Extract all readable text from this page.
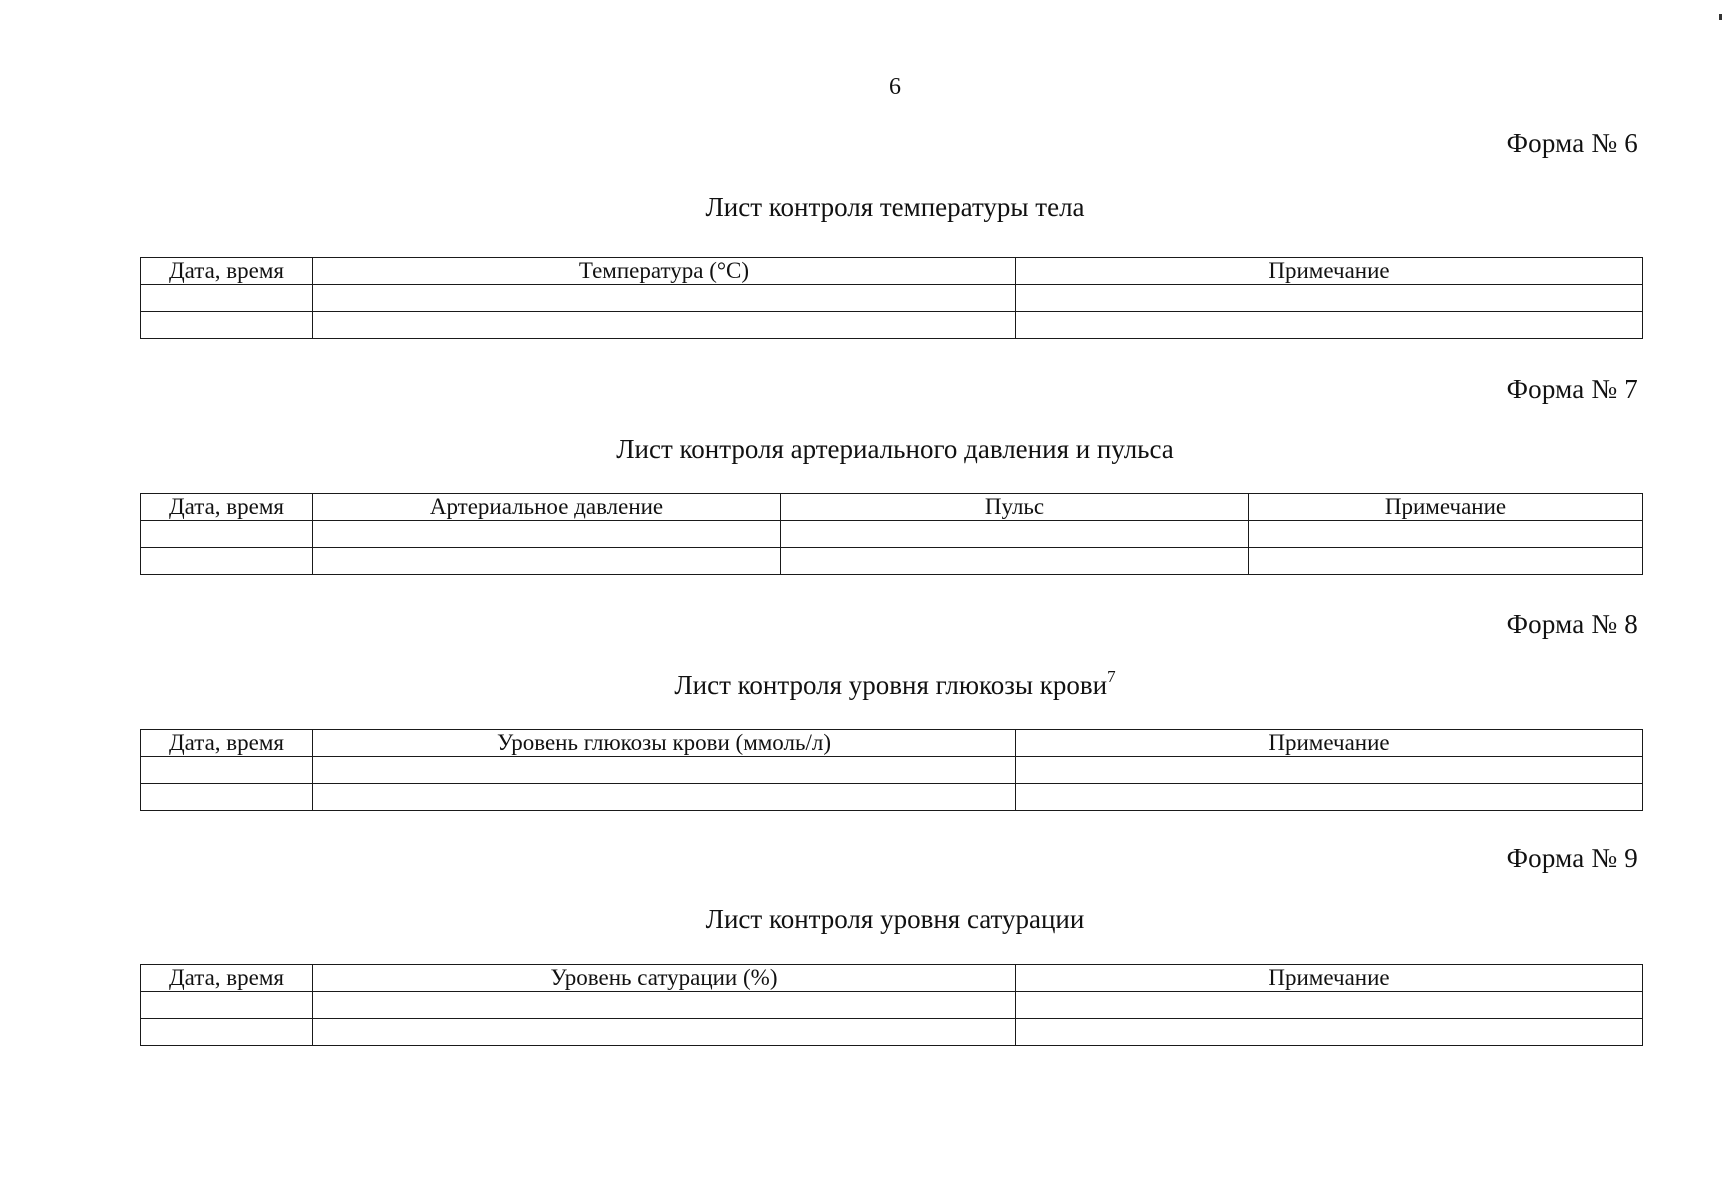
6
Форма № 6
Лист контроля температуры тела
Дата, время	Температура (°C)	Примечание

Форма № 7
Лист контроля артериального давления и пульса
Дата, время	Артериальное давление	Пульс	Примечание

Форма № 8
Лист контроля уровня глюкозы крови$^7$
Дата, время	Уровень глюкозы крови (ммоль/л)	Примечание

Форма № 9
Лист контроля уровня сатурации
Дата, время	Уровень сатурации (%)	Примечание
